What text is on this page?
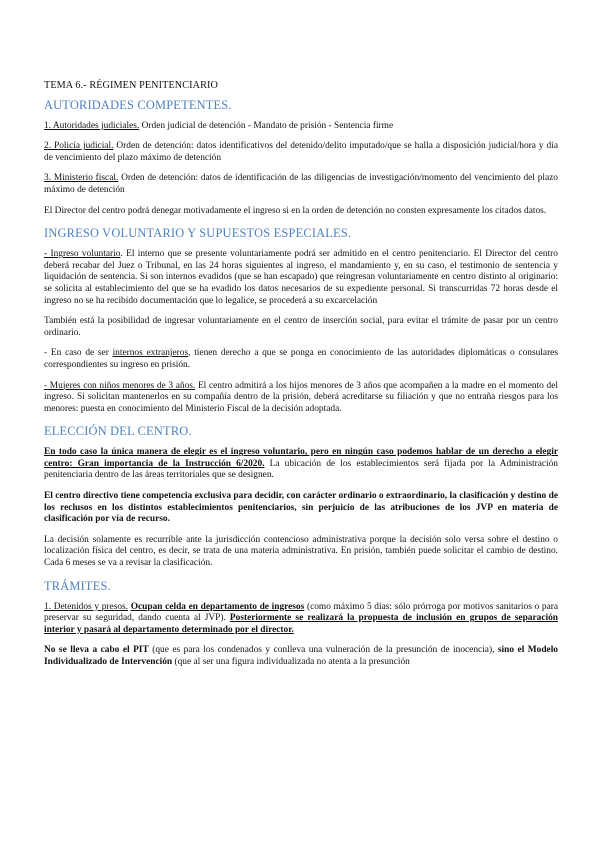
TEMA 6.- RÉGIMEN PENITENCIARIO
AUTORIDADES COMPETENTES.

1. Autoridades judiciales. Orden judicial de detención - Mandato de prisión - Sentencia firme

2. Policía judicial. Orden de detención: datos identificativos del detenido/delito imputado/que se halla a disposición judicial/hora y día de vencimiento del plazo máximo de detención

3. Ministerio fiscal. Orden de detención: datos de identificación de las diligencias de investigación/momento del vencimiento del plazo máximo de detención

El Director del centro podrá denegar motivadamente el ingreso si en la orden de detención no consten expresamente los citados datos.

INGRESO VOLUNTARIO Y SUPUESTOS ESPECIALES.

- Ingreso voluntario. El interno que se presente voluntariamente podrá ser admitido en el centro penitenciario. El Director del centro deberá recabar del Juez o Tribunal, en las 24 horas siguientes al ingreso, el mandamiento y, en su caso, el testimonio de sentencia y liquidación de sentencia. Si son internos evadidos (que se han escapado) que reingresan voluntariamente en centro distinto al originario: se solicita al establecimiento del que se ha evadido los datos necesarios de su expediente personal. Si transcurridas 72 horas desde el ingreso no se ha recibido documentación que lo legalice, se procederá a su excarcelación

También está la posibilidad de ingresar voluntariamente en el centro de inserción social, para evitar el trámite de pasar por un centro ordinario.

- En caso de ser internos extranjeros, tienen derecho a que se ponga en conocimiento de las autoridades diplomáticas o consulares correspondientes su ingreso en prisión.

- Mujeres con niños menores de 3 años. El centro admitirá a los hijos menores de 3 años que acompañen a la madre en el momento del ingreso. Si solicitan mantenerlos en su compañía dentro de la prisión, deberá acreditarse su filiación y que no entraña riesgos para los menores: puesta en conocimiento del Ministerio Fiscal de la decisión adoptada.

ELECCIÓN DEL CENTRO.

En todo caso la única manera de elegir es el ingreso voluntario, pero en ningún caso podemos hablar de un derecho a elegir centro: Gran importancia de la Instrucción 6/2020. La ubicación de los establecimientos será fijada por la Administración penitenciaria dentro de las áreas territoriales que se designen.

El centro directivo tiene competencia exclusiva para decidir, con carácter ordinario o extraordinario, la clasificación y destino de los reclusos en los distintos establecimientos penitenciarios, sin perjuicio de las atribuciones de los JVP en materia de clasificación por vía de recurso.

La decisión solamente es recurrible ante la jurisdicción contencioso administrativa porque la decisión solo versa sobre el destino o localización física del centro, es decir, se trata de una materia administrativa. En prisión, también puede solicitar el cambio de destino. Cada 6 meses se va a revisar la clasificación.

TRÁMITES.

1. Detenidos y presos. Ocupan celda en departamento de ingresos (como máximo 5 días: sólo prórroga por motivos sanitarios o para preservar su seguridad, dando cuenta al JVP). Posteriormente se realizará la propuesta de inclusión en grupos de separación interior y pasará al departamento determinado por el director.

No se lleva a cabo el PIT (que es para los condenados y conlleva una vulneración de la presunción de inocencia), sino el Modelo Individualizado de Intervención (que al ser una figura individualizada no atenta a la presunción
